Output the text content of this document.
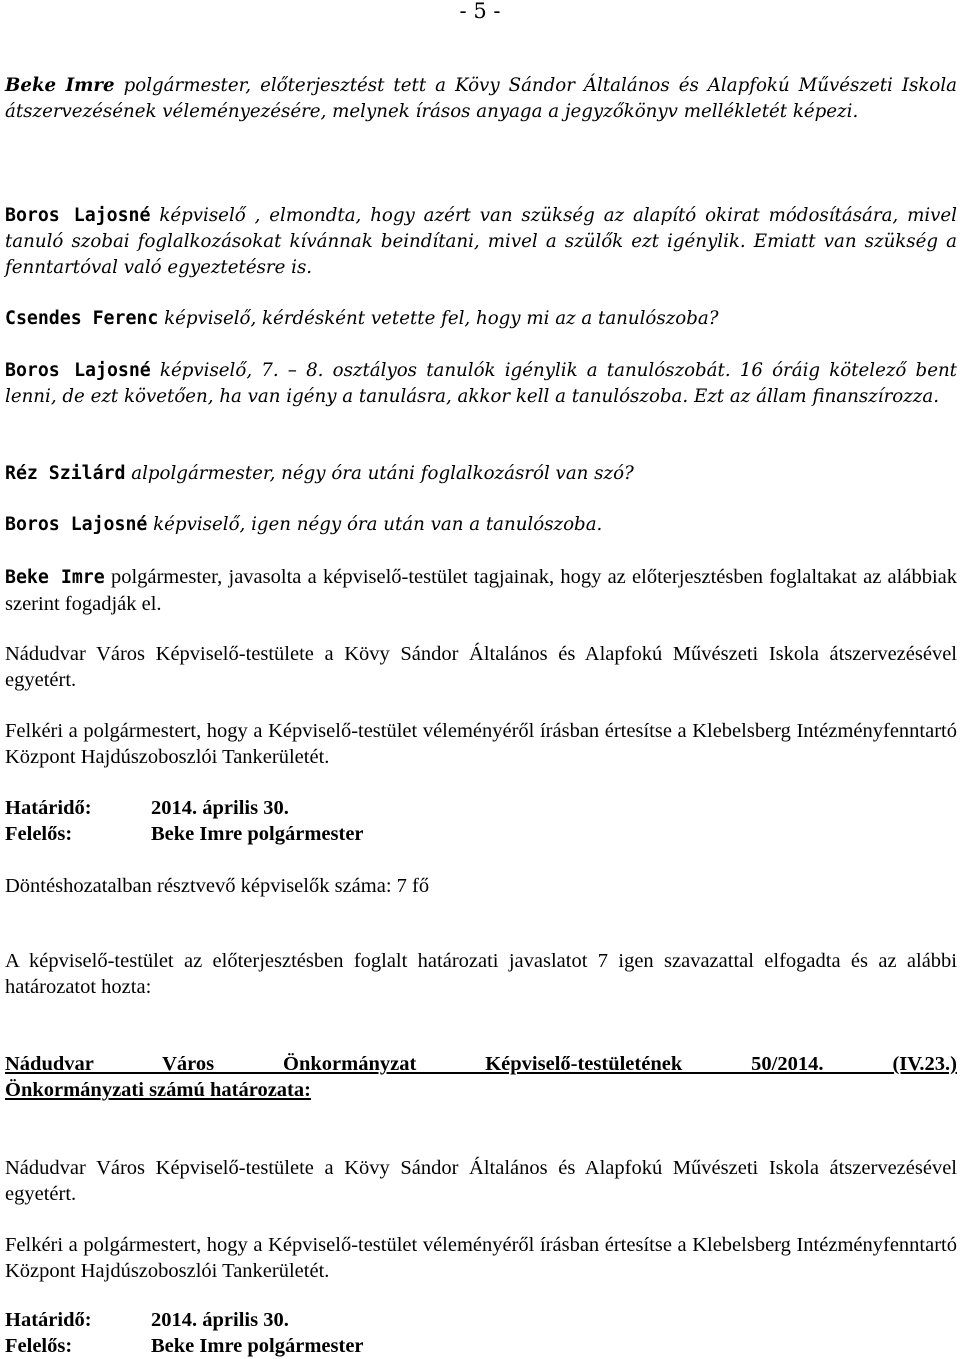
- 5 -

Beke Imre polgármester, előterjesztést tett a Kövy Sándor Általános és Alapfokú Művészeti Iskola átszervezésének véleményezésére, melynek írásos anyaga a jegyzőkönyv mellékletét képezi.

Boros Lajosné képviselő , elmondta, hogy azért van szükség az alapító okirat módosítására, mivel tanuló szobai foglalkozásokat kívánnak beindítani, mivel a szülők ezt igénylik. Emiatt van szükség a fenntartóval való egyeztetésre is.

Csendes Ferenc képviselő, kérdésként vetette fel, hogy mi az a tanulószoba?

Boros Lajosné képviselő, 7. – 8. osztályos tanulók igénylik a tanulószobát. 16 óráig kötelező bent lenni, de ezt követően, ha van igény a tanulásra, akkor kell a tanulószoba. Ezt az állam finanszírozza.

Réz Szilárd alpolgármester, négy óra utáni foglalkozásról van szó?

Boros Lajosné képviselő, igen négy óra után van a tanulószoba.

Beke Imre polgármester, javasolta a képviselő-testület tagjainak, hogy az előterjesztésben foglaltakat az alábbiak szerint fogadják el.

Nádudvar Város Képviselő-testülete a Kövy Sándor Általános és Alapfokú Művészeti Iskola átszervezésével egyetért.

Felkéri a polgármestert, hogy a Képviselő-testület véleményéről írásban értesítse a Klebelsberg Intézményfenntartó Központ Hajdúszoboszlói Tankerületét.

Határidő:	2014. április 30.
Felelős:	Beke Imre polgármester

Döntéshozatalban résztvevő képviselők száma: 7 fő

A képviselő-testület az előterjesztésben foglalt határozati javaslatot 7 igen szavazattal elfogadta és az alábbi határozatot hozta:

Nádudvar Város Önkormányzat Képviselő-testületének 50/2014. (IV.23.)

Önkormányzati számú határozata:

Nádudvar Város Képviselő-testülete a Kövy Sándor Általános és Alapfokú Művészeti Iskola átszervezésével egyetért.

Felkéri a polgármestert, hogy a Képviselő-testület véleményéről írásban értesítse a Klebelsberg Intézményfenntartó Központ Hajdúszoboszlói Tankerületét.

Határidő:	2014. április 30.
Felelős:	Beke Imre polgármester
